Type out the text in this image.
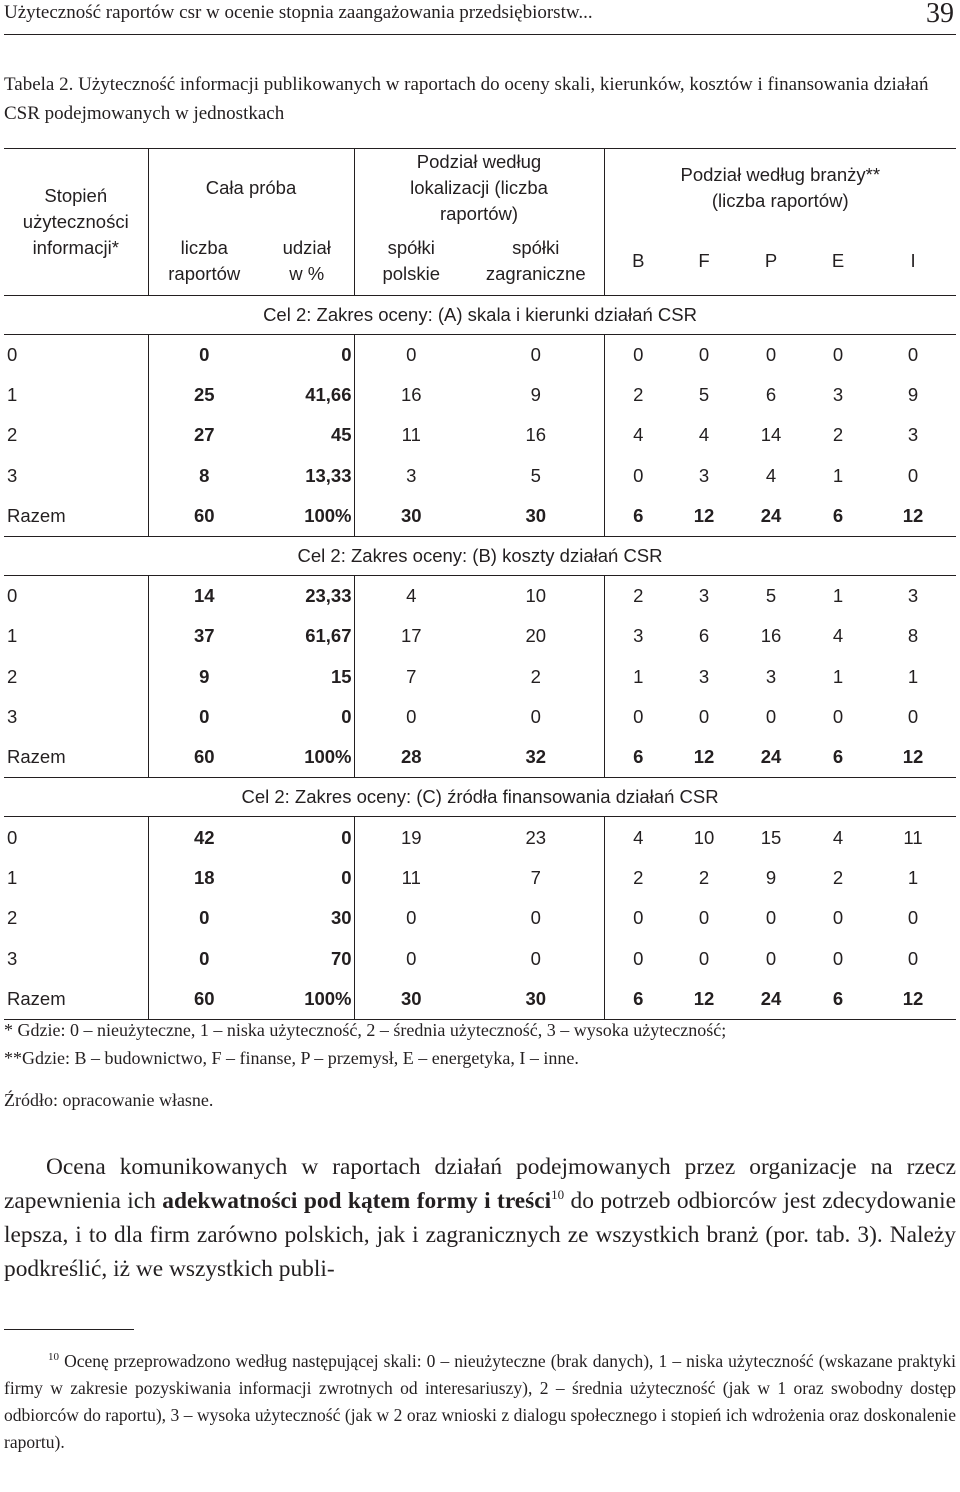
Użyteczność raportów csr w ocenie stopnia zaangażowania przedsiębiorstw...	39
Tabela 2. Użyteczność informacji publikowanych w raportach do oceny skali, kierunków, kosztów i finansowania działań CSR podejmowanych w jednostkach
Stopień użyteczności informacji*	Cała próba		Podział według lokalizacji (liczba raportów)		Podział według branży** (liczba raportów)				
	liczba raportów	udział w %	spółki polskie	spółki zagraniczne	B	F	P	E	I
Cel 2: Zakres oceny: (A) skala i kierunki działań CSR									
0	0	0	0	0	0	0	0	0	0
1	25	41,66	16	9	2	5	6	3	9
2	27	45	11	16	4	4	14	2	3
3	8	13,33	3	5	0	3	4	1	0
Razem	60	100%	30	30	6	12	24	6	12
Cel 2: Zakres oceny: (B) koszty działań CSR									
0	14	23,33	4	10	2	3	5	1	3
1	37	61,67	17	20	3	6	16	4	8
2	9	15	7	2	1	3	3	1	1
3	0	0	0	0	0	0	0	0	0
Razem	60	100%	28	32	6	12	24	6	12
Cel 2: Zakres oceny: (C) źródła finansowania działań CSR									
0	42	0	19	23	4	10	15	4	11
1	18	0	11	7	2	2	9	2	1
2	0	30	0	0	0	0	0	0	0
3	0	70	0	0	0	0	0	0	0
Razem	60	100%	30	30	6	12	24	6	12
* Gdzie: 0 – nieużyteczne, 1 – niska użyteczność, 2 – średnia użyteczność, 3 – wysoka użyteczność;
**Gdzie: B – budownictwo, F – finanse, P – przemysł, E – energetyka, I – inne.
Źródło: opracowanie własne.

Ocena komunikowanych w raportach działań podejmowanych przez organizacje na rzecz zapewnienia ich adekwatności pod kątem formy i treści$^{10}$ do potrzeb odbiorców jest zdecydowanie lepsza, i to dla firm zarówno polskich, jak i zagranicznych ze wszystkich branż (por. tab. 3). Należy podkreślić, iż we wszystkich publi-

$^{10}$ Ocenę przeprowadzono według następującej skali: 0 – nieużyteczne (brak danych), 1 – niska użyteczność (wskazane praktyki firmy w zakresie pozyskiwania informacji zwrotnych od interesariuszy), 2 – średnia użyteczność (jak w 1 oraz swobodny dostęp odbiorców do raportu), 3 – wysoka użyteczność (jak w 2 oraz wnioski z dialogu społecznego i stopień ich wdrożenia oraz doskonalenie raportu).
